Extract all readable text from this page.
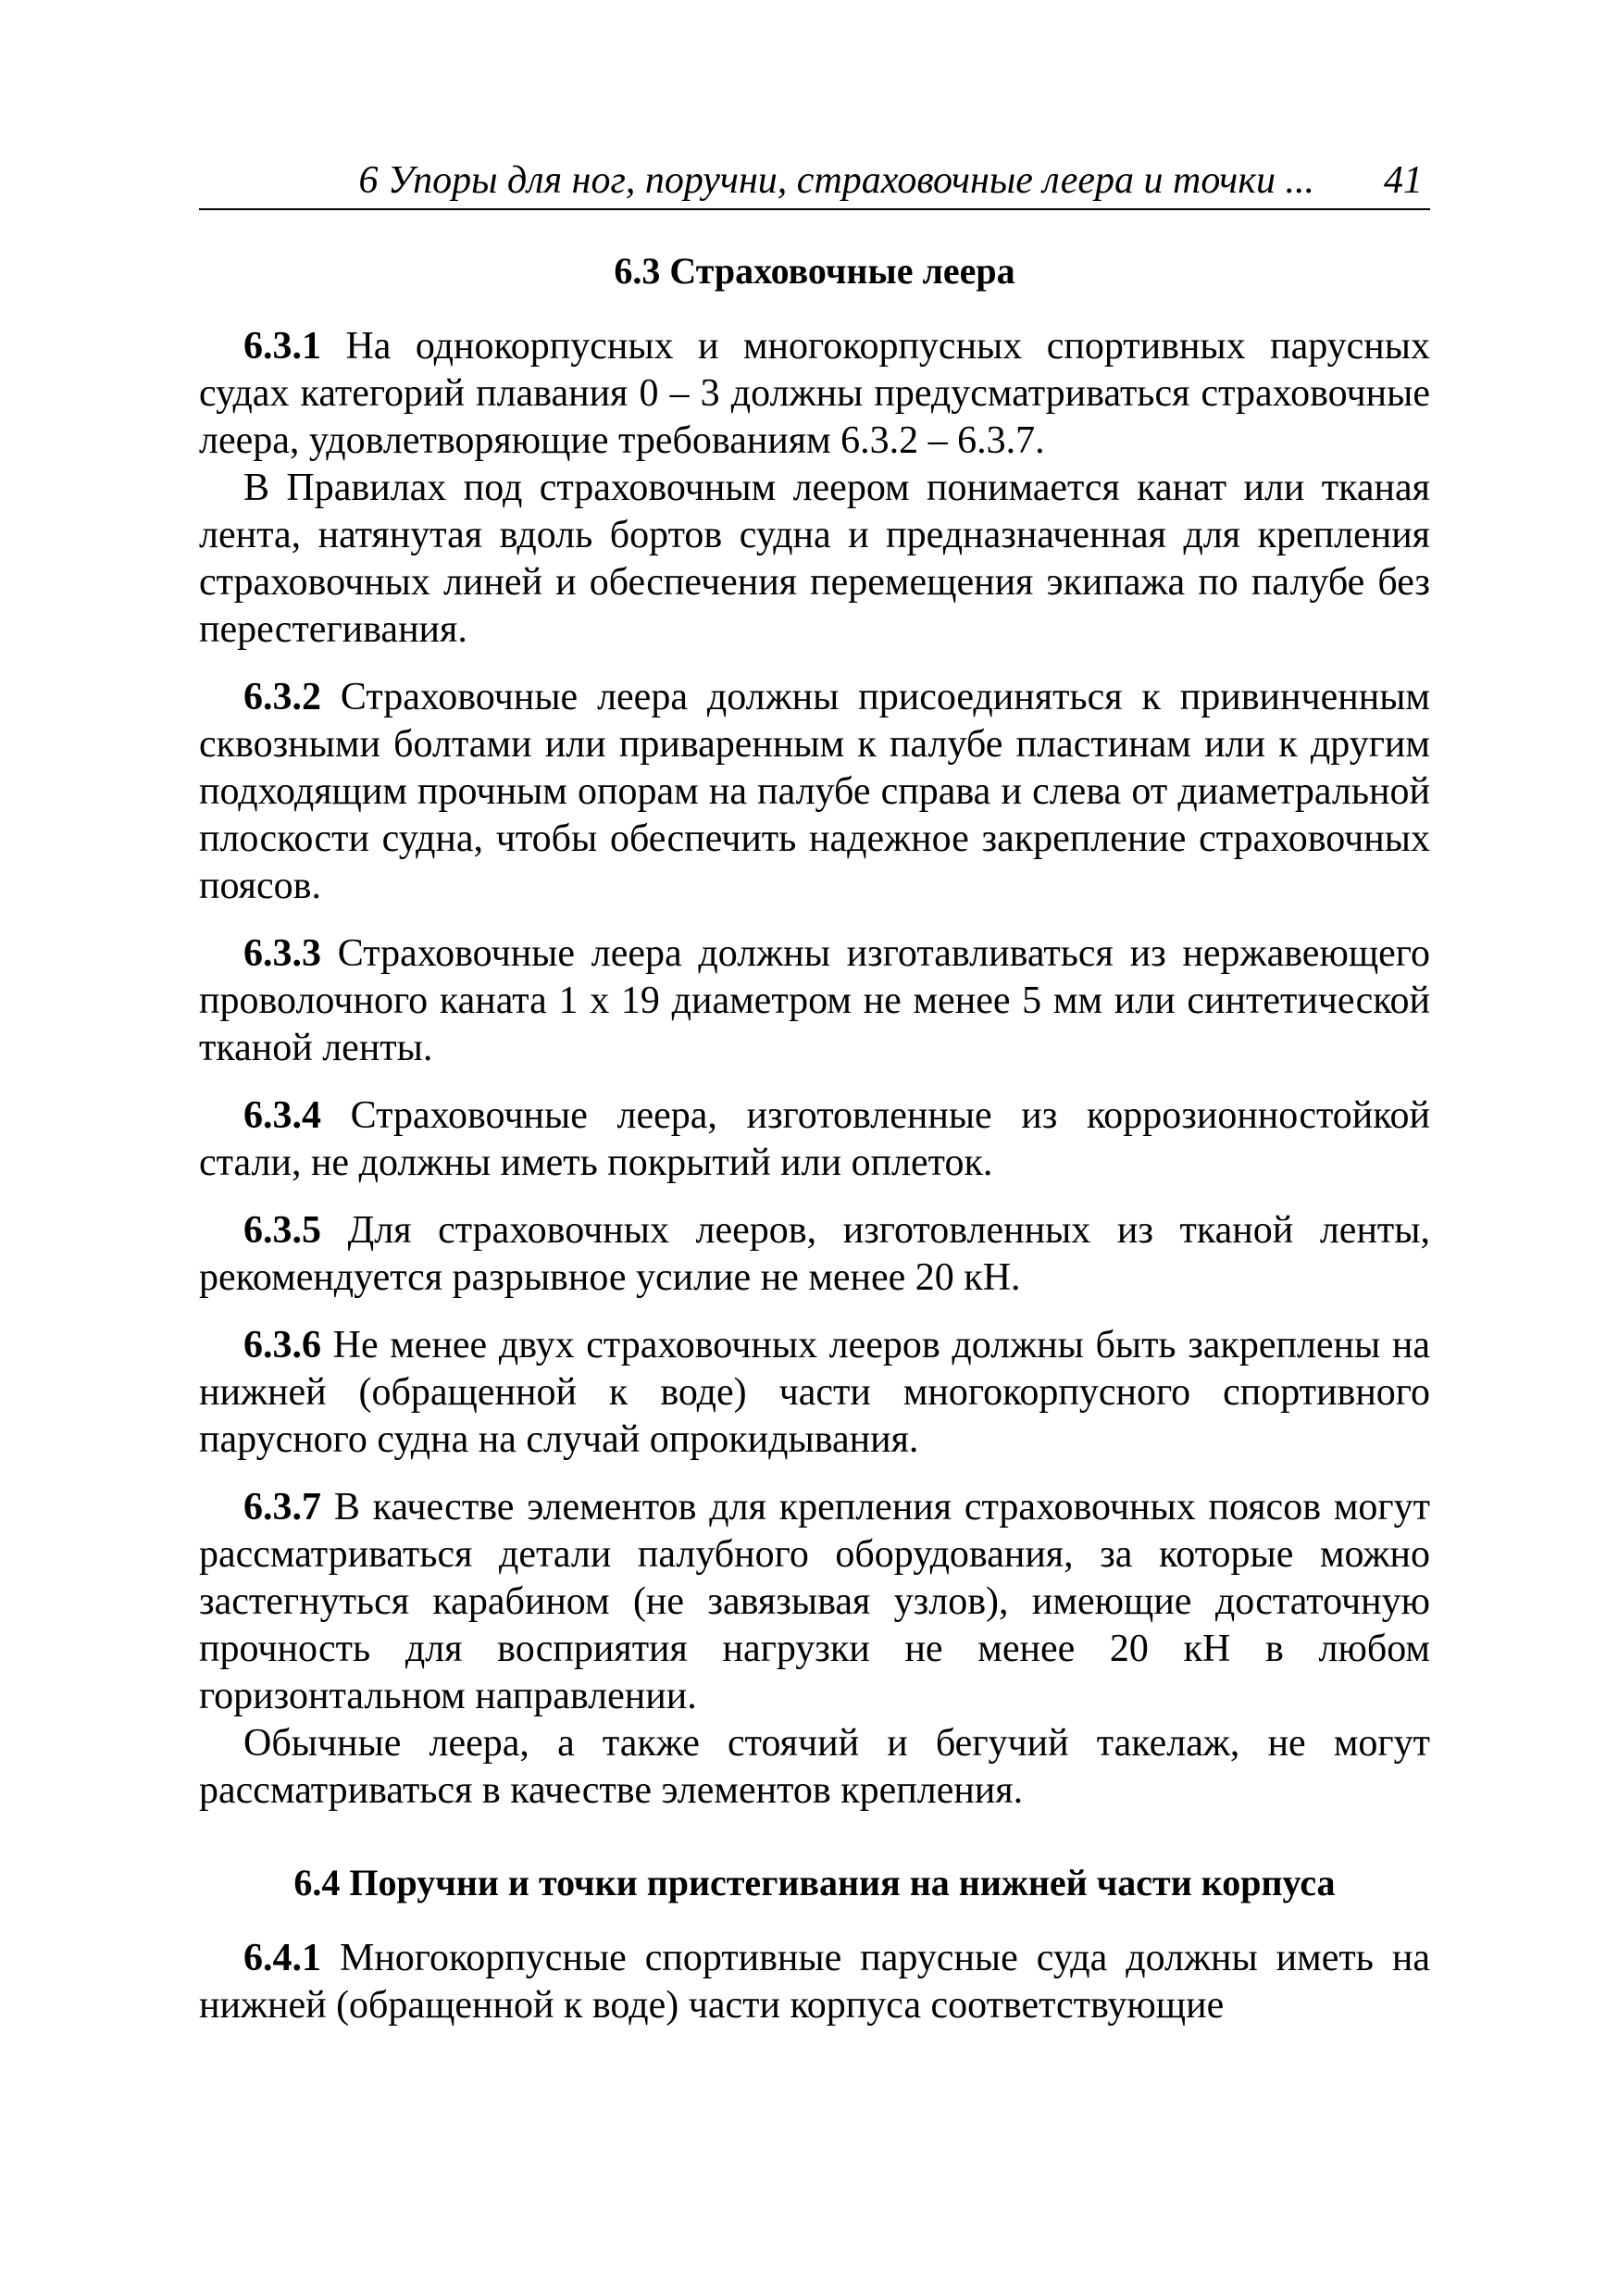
6 Упоры для ног, поручни, страховочные леера и точки ... 41
6.3 Страховочные леера

6.3.1 На однокорпусных и многокорпусных спортивных парусных судах категорий плавания 0 – 3 должны предусматриваться страховочные леера, удовлетворяющие требованиям 6.3.2 – 6.3.7.

В Правилах под страховочным леером понимается канат или тканая лента, натянутая вдоль бортов судна и предназначенная для крепления страховочных линей и обеспечения перемещения экипажа по палубе без перестегивания.

6.3.2 Страховочные леера должны присоединяться к привинченным сквозными болтами или приваренным к палубе пластинам или к другим подходящим прочным опорам на палубе справа и слева от диаметральной плоскости судна, чтобы обеспечить надежное закрепление страховочных поясов.

6.3.3 Страховочные леера должны изготавливаться из нержавеющего проволочного каната 1 x 19 диаметром не менее 5 мм или синтетической тканой ленты.

6.3.4 Страховочные леера, изготовленные из коррозионностойкой стали, не должны иметь покрытий или оплеток.

6.3.5 Для страховочных лееров, изготовленных из тканой ленты, рекомендуется разрывное усилие не менее 20 кН.

6.3.6 Не менее двух страховочных лееров должны быть закреплены на нижней (обращенной к воде) части многокорпусного спортивного парусного судна на случай опрокидывания.

6.3.7 В качестве элементов для крепления страховочных поясов могут рассматриваться детали палубного оборудования, за которые можно застегнуться карабином (не завязывая узлов), имеющие достаточную прочность для восприятия нагрузки не менее 20 кН в любом горизонтальном направлении.

Обычные леера, а также стоячий и бегучий такелаж, не могут рассматриваться в качестве элементов крепления.

6.4 Поручни и точки пристегивания на нижней части корпуса

6.4.1 Многокорпусные спортивные парусные суда должны иметь на нижней (обращенной к воде) части корпуса соответствующие
